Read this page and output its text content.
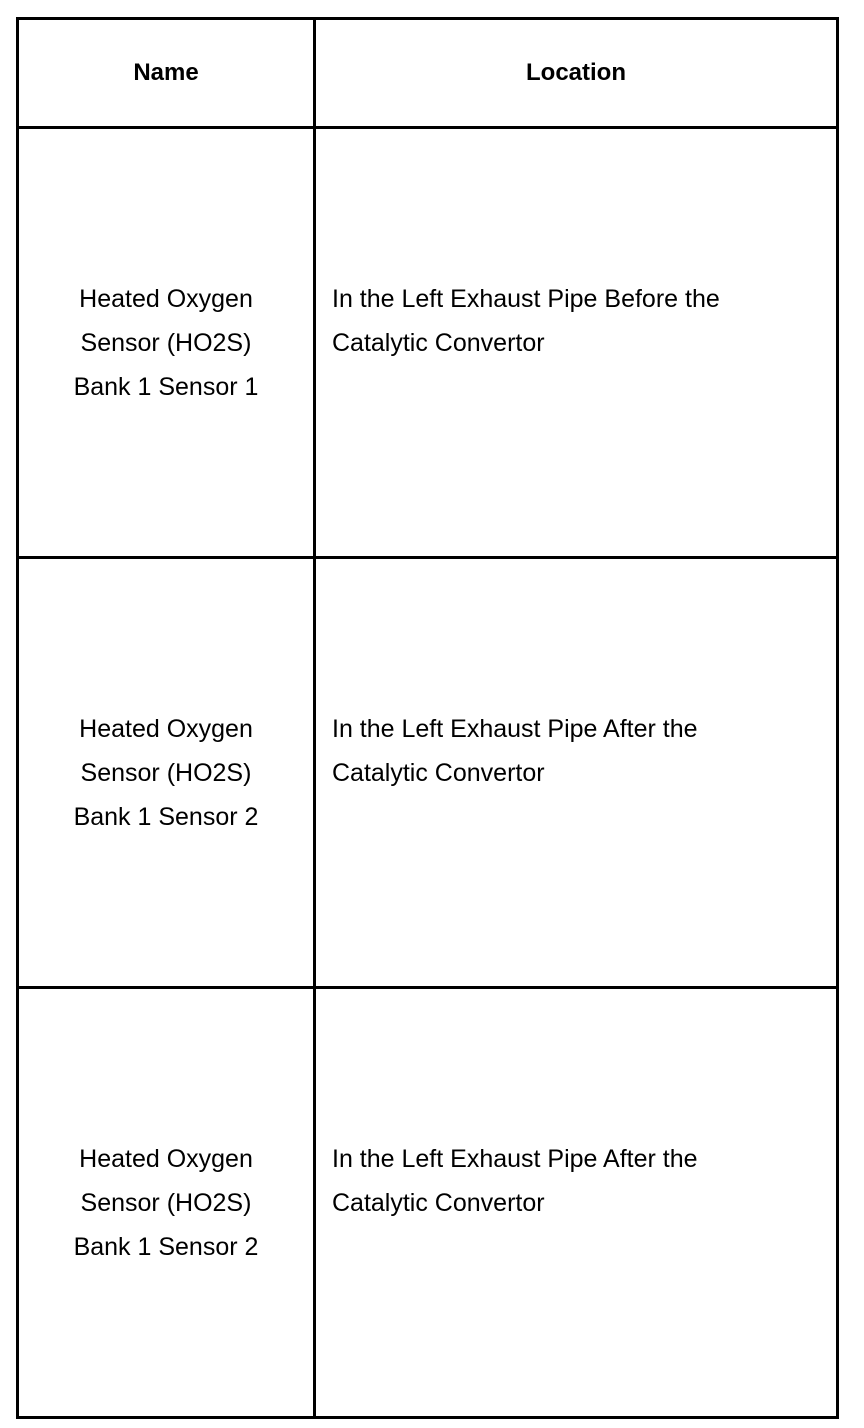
Name	Location

Heated Oxygen
Sensor (HO2S)
Bank 1 Sensor 1	In the Left Exhaust Pipe Before the
Catalytic Convertor

Heated Oxygen
Sensor (HO2S)
Bank 1 Sensor 2	In the Left Exhaust Pipe After the
Catalytic Convertor

Heated Oxygen
Sensor (HO2S)
Bank 1 Sensor 2	In the Left Exhaust Pipe After the
Catalytic Convertor
